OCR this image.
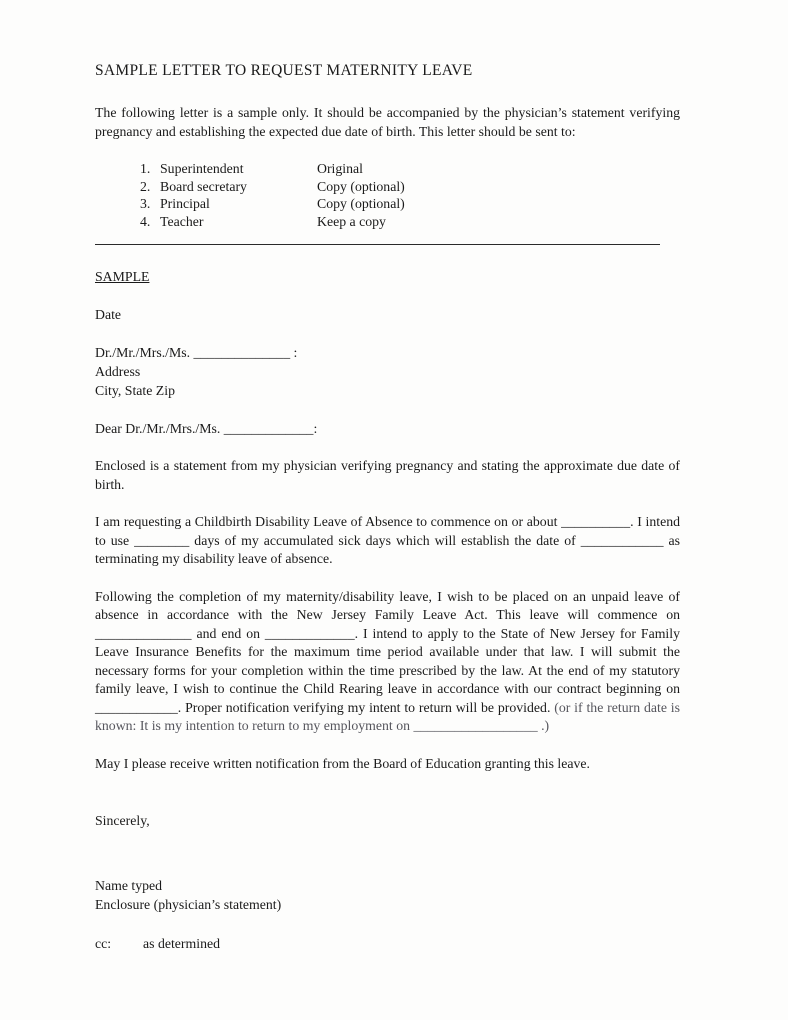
SAMPLE LETTER TO REQUEST MATERNITY LEAVE

The following letter is a sample only. It should be accompanied by the physician’s statement verifying pregnancy and establishing the expected due date of birth. This letter should be sent to:

1. Superintendent	Original
2. Board secretary	Copy (optional)
3. Principal	Copy (optional)
4. Teacher	Keep a copy

SAMPLE

Date

Dr./Mr./Mrs./Ms. ______________ :

Address

City, State Zip

Dear Dr./Mr./Mrs./Ms. _____________:

Enclosed is a statement from my physician verifying pregnancy and stating the approximate due date of birth.

I am requesting a Childbirth Disability Leave of Absence to commence on or about __________. I intend to use ________ days of my accumulated sick days which will establish the date of ____________ as terminating my disability leave of absence.

Following the completion of my maternity/disability leave, I wish to be placed on an unpaid leave of absence in accordance with the New Jersey Family Leave Act. This leave will commence on ______________ and end on _____________. I intend to apply to the State of New Jersey for Family Leave Insurance Benefits for the maximum time period available under that law. I will submit the necessary forms for your completion within the time prescribed by the law. At the end of my statutory family leave, I wish to continue the Child Rearing leave in accordance with our contract beginning on ____________. Proper notification verifying my intent to return will be provided. (or if the return date is known: It is my intention to return to my employment on __________________ .)

May I please receive written notification from the Board of Education granting this leave.

Sincerely,

Name typed

Enclosure (physician’s statement)

cc:	as determined
